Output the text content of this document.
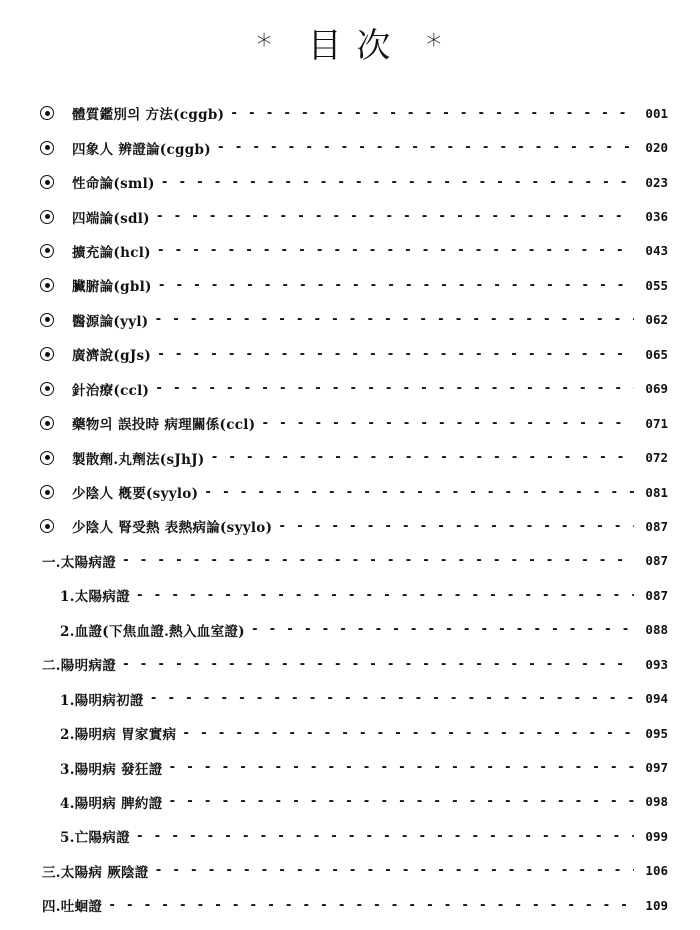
* 目 次 *
體質鑑別의 方法(cggb) - - -	001
四象人 辨證論(cggb) - - -	020
性命論(sml) - - -	023
四端論(sdl) - - -	036
擴充論(hcl) - - -	043
臟腑論(gbl) - - -	055
醫源論(yyl) - - -	062
廣濟說(gJs) - - -	065
針治療(ccl) - - -	069
藥物의 誤投時 病理關係(ccl) - - -	071
製散劑.丸劑法(sJhJ) - - -	072
少陰人 槪要(syylo) - - -	081
少陰人 腎受熱 表熱病論(syylo) - - -	087
一.太陽病證 - - -	087
1.太陽病證 - - -	087
2.血證(下焦血證.熱入血室證) - - -	088
二.陽明病證 - - -	093
1.陽明病初證 - - -	094
2.陽明病 胃家實病 - - -	095
3.陽明病 發狂證 - - -	097
4.陽明病 脾約證 - - -	098
5.亡陽病證 - - -	099
三.太陽病 厥陰證 - - -	106
四.吐蛔證 - - -	109
